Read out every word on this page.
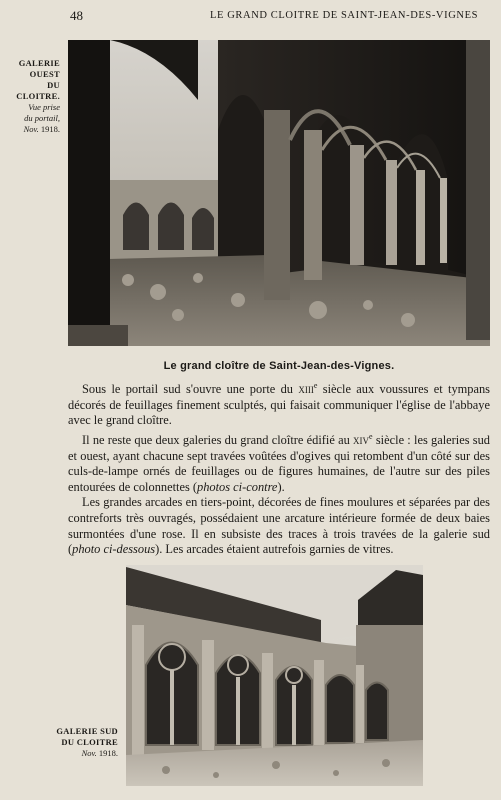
48	LE GRAND CLOITRE DE SAINT-JEAN-DES-VIGNES
GALERIE
OUEST
DU CLOITRE.
Vue prise
du portail,
Nov. 1918.
Le grand cloître de Saint-Jean-des-Vignes.

Sous le portail sud s'ouvre une porte du xiii$^e$ siècle aux voussures et tympans décorés de feuillages finement sculptés, qui faisait communiquer l'église de l'abbaye avec le grand cloître.

Il ne reste que deux galeries du grand cloître édifié au xiv$^e$ siècle : les galeries sud et ouest, ayant chacune sept travées voûtées d'ogives qui retombent d'un côté sur des culs-de-lampe ornés de feuillages ou de figures humaines, de l'autre sur des piles entourées de colonnettes (photos ci-contre).

Les grandes arcades en tiers-point, décorées de fines moulures et séparées par des contreforts très ouvragés, possédaient une arcature intérieure formée de deux baies surmontées d'une rose. Il en subsiste des traces à trois travées de la galerie sud (photo ci-dessous). Les arcades étaient autrefois garnies de vitres.

GALERIE SUD
DU CLOITRE
Nov. 1918.
